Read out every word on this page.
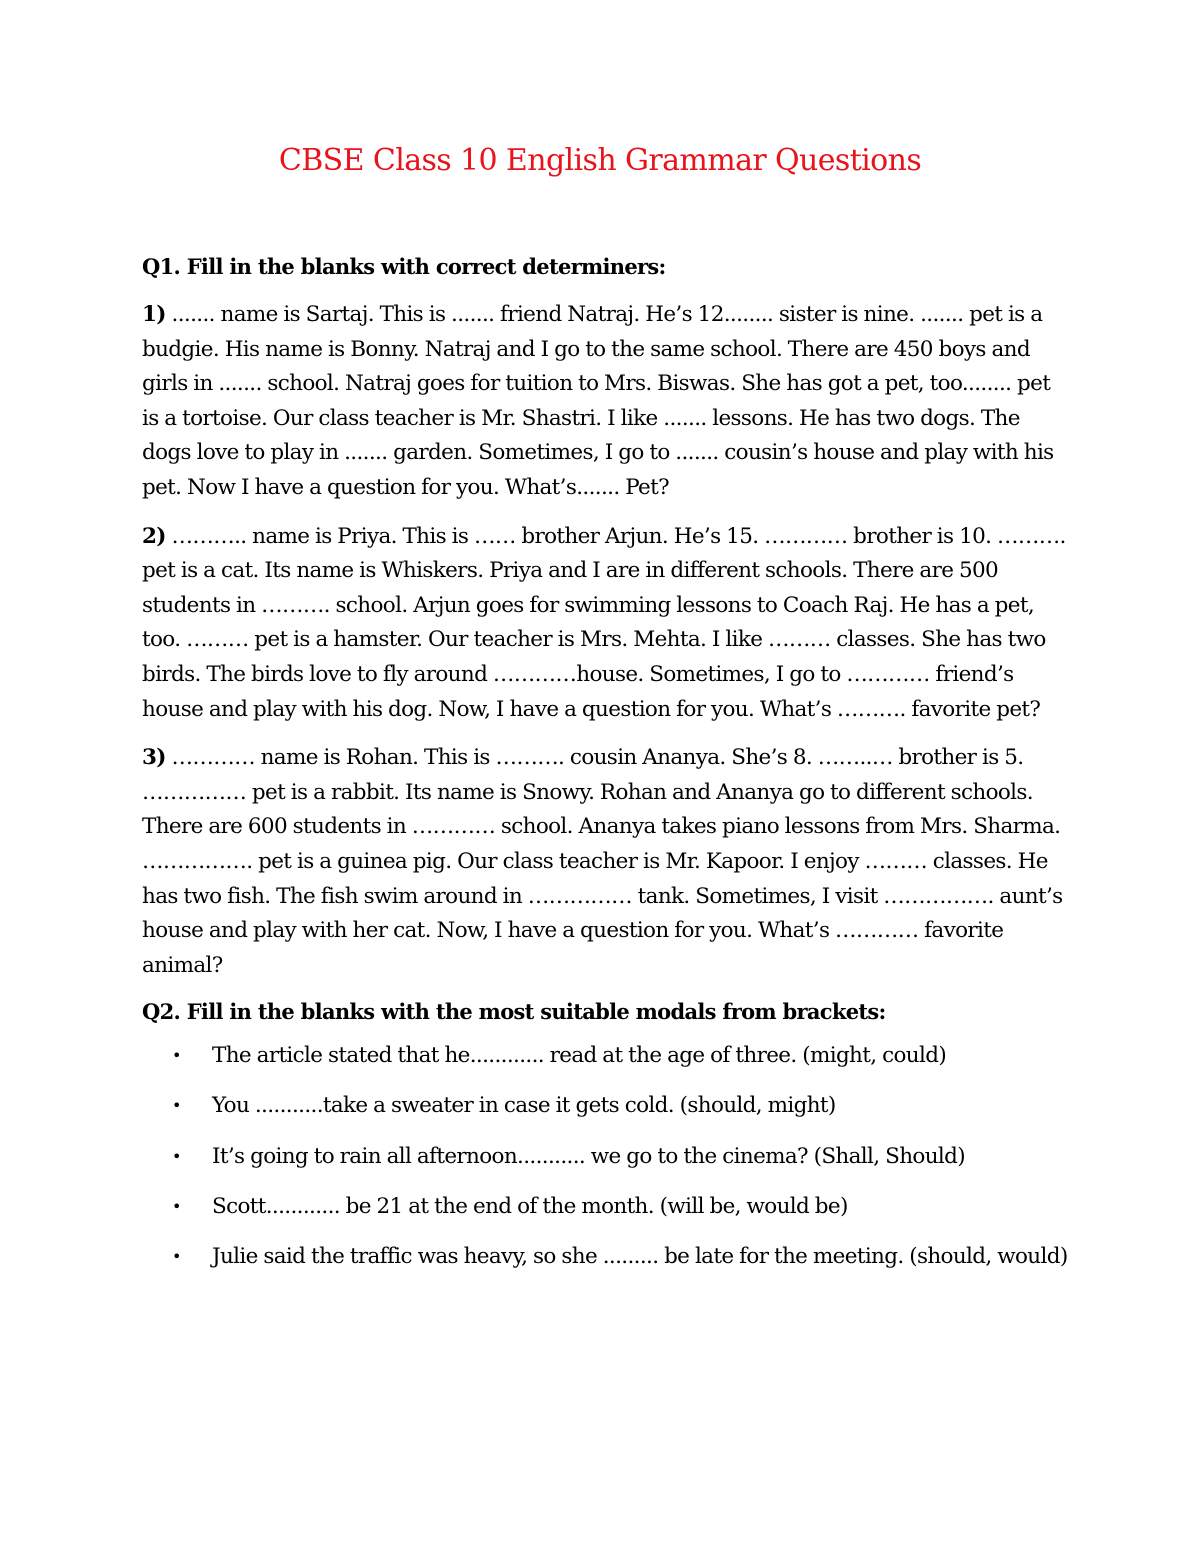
CBSE Class 10 English Grammar Questions

Q1. Fill in the blanks with correct determiners:

1) ....... name is Sartaj. This is ....... friend Natraj. He’s 12........ sister is nine. ....... pet is a budgie. His name is Bonny. Natraj and I go to the same school. There are 450 boys and girls in ....... school. Natraj goes for tuition to Mrs. Biswas. She has got a pet, too........ pet is a tortoise. Our class teacher is Mr. Shastri. I like ....... lessons. He has two dogs. The dogs love to play in ....... garden. Sometimes, I go to ....... cousin’s house and play with his pet. Now I have a question for you. What’s....... Pet?

2) ……….. name is Priya. This is …… brother Arjun. He’s 15. ………… brother is 10. ………. pet is a cat. Its name is Whiskers. Priya and I are in different schools. There are 500 students in ………. school. Arjun goes for swimming lessons to Coach Raj. He has a pet, too. ……… pet is a hamster. Our teacher is Mrs. Mehta. I like ……… classes. She has two birds. The birds love to fly around …………house. Sometimes, I go to ………… friend’s house and play with his dog. Now, I have a question for you. What’s ………. favorite pet?

3) ………… name is Rohan. This is ………. cousin Ananya. She’s 8. ……..… brother is 5. …………… pet is a rabbit. Its name is Snowy. Rohan and Ananya go to different schools. There are 600 students in ………… school. Ananya takes piano lessons from Mrs. Sharma. ……………. pet is a guinea pig. Our class teacher is Mr. Kapoor. I enjoy ……… classes. He has two fish. The fish swim around in …………… tank. Sometimes, I visit ……………. aunt’s house and play with her cat. Now, I have a question for you. What’s ………… favorite animal?

Q2. Fill in the blanks with the most suitable modals from brackets:

• The article stated that he............ read at the age of three. (might, could)
• You ...........take a sweater in case it gets cold. (should, might)
• It’s going to rain all afternoon........... we go to the cinema? (Shall, Should)
• Scott............ be 21 at the end of the month. (will be, would be)
• Julie said the traffic was heavy, so she ......... be late for the meeting. (should, would)
